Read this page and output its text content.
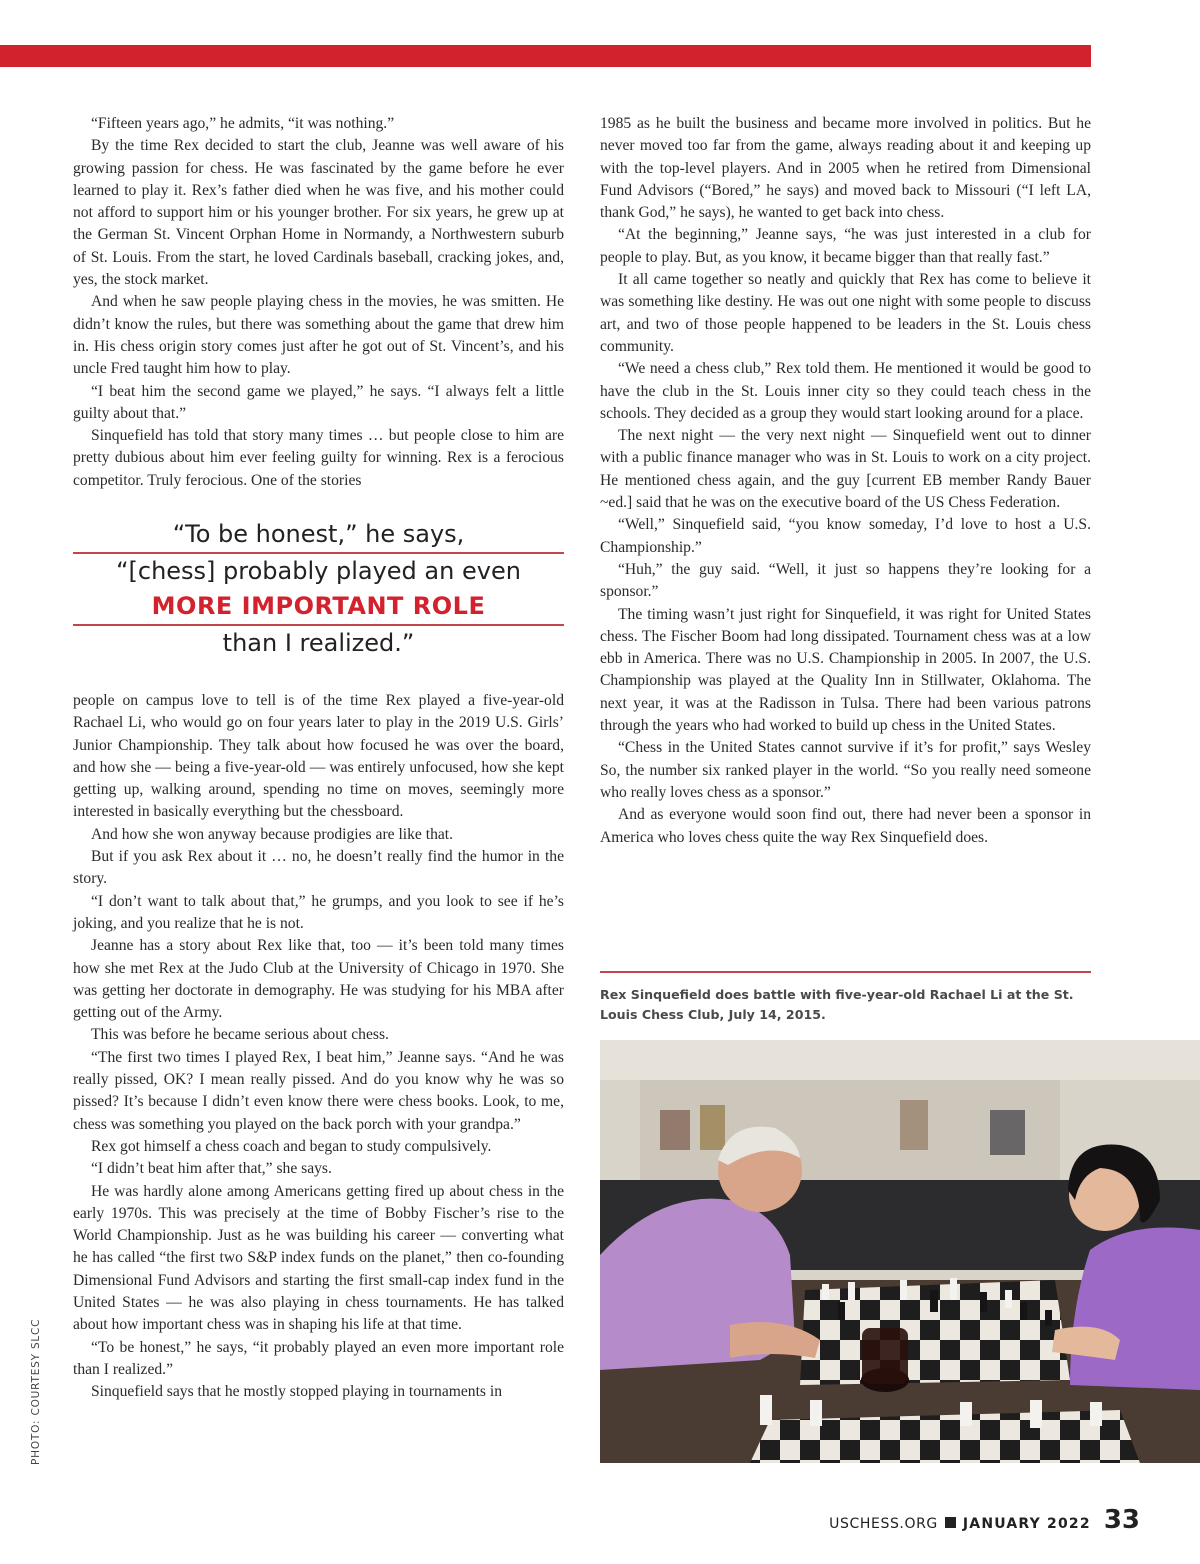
“Fifteen years ago,” he admits, “it was nothing.”

By the time Rex decided to start the club, Jeanne was well aware of his growing passion for chess. He was fascinated by the game before he ever learned to play it. Rex’s father died when he was five, and his mother could not afford to support him or his younger brother. For six years, he grew up at the German St. Vincent Orphan Home in Normandy, a Northwestern suburb of St. Louis. From the start, he loved Cardinals baseball, cracking jokes, and, yes, the stock market.

And when he saw people playing chess in the movies, he was smitten. He didn’t know the rules, but there was something about the game that drew him in. His chess origin story comes just after he got out of St. Vincent’s, and his uncle Fred taught him how to play.

“I beat him the second game we played,” he says. “I always felt a little guilty about that.”

Sinquefield has told that story many times … but people close to him are pretty dubious about him ever feeling guilty for winning. Rex is a ferocious competitor. Truly ferocious. One of the stories

“To be honest,” he says,
“[chess] probably played an even
MORE IMPORTANT ROLE
than I realized.”

people on campus love to tell is of the time Rex played a five-year-old Rachael Li, who would go on four years later to play in the 2019 U.S. Girls’ Junior Championship. They talk about how focused he was over the board, and how she — being a five-year-old — was entirely unfocused, how she kept getting up, walking around, spending no time on moves, seemingly more interested in basically everything but the chessboard.

And how she won anyway because prodigies are like that.

But if you ask Rex about it … no, he doesn’t really find the humor in the story.

“I don’t want to talk about that,” he grumps, and you look to see if he’s joking, and you realize that he is not.

Jeanne has a story about Rex like that, too — it’s been told many times how she met Rex at the Judo Club at the University of Chicago in 1970. She was getting her doctorate in demography. He was studying for his MBA after getting out of the Army.

This was before he became serious about chess.

“The first two times I played Rex, I beat him,” Jeanne says. “And he was really pissed, OK? I mean really pissed. And do you know why he was so pissed? It’s because I didn’t even know there were chess books. Look, to me, chess was something you played on the back porch with your grandpa.”

Rex got himself a chess coach and began to study compulsively.

“I didn’t beat him after that,” she says.

He was hardly alone among Americans getting fired up about chess in the early 1970s. This was precisely at the time of Bobby Fischer’s rise to the World Championship. Just as he was building his career — converting what he has called “the first two S&P index funds on the planet,” then co-founding Dimensional Fund Advisors and starting the first small-cap index fund in the United States — he was also playing in chess tournaments. He has talked about how important chess was in shaping his life at that time.

“To be honest,” he says, “it probably played an even more important role than I realized.”

Sinquefield says that he mostly stopped playing in tournaments in

1985 as he built the business and became more involved in politics. But he never moved too far from the game, always reading about it and keeping up with the top-level players. And in 2005 when he retired from Dimensional Fund Advisors (“Bored,” he says) and moved back to Missouri (“I left LA, thank God,” he says), he wanted to get back into chess.

“At the beginning,” Jeanne says, “he was just interested in a club for people to play. But, as you know, it became bigger than that really fast.”

It all came together so neatly and quickly that Rex has come to believe it was something like destiny. He was out one night with some people to discuss art, and two of those people happened to be leaders in the St. Louis chess community.

“We need a chess club,” Rex told them. He mentioned it would be good to have the club in the St. Louis inner city so they could teach chess in the schools. They decided as a group they would start looking around for a place.

The next night — the very next night — Sinquefield went out to dinner with a public finance manager who was in St. Louis to work on a city project. He mentioned chess again, and the guy [current EB member Randy Bauer ~ed.] said that he was on the executive board of the US Chess Federation.

“Well,” Sinquefield said, “you know someday, I’d love to host a U.S. Championship.”

“Huh,” the guy said. “Well, it just so happens they’re looking for a sponsor.”

The timing wasn’t just right for Sinquefield, it was right for United States chess. The Fischer Boom had long dissipated. Tournament chess was at a low ebb in America. There was no U.S. Championship in 2005. In 2007, the U.S. Championship was played at the Quality Inn in Stillwater, Oklahoma. The next year, it was at the Radisson in Tulsa. There had been various patrons through the years who had worked to build up chess in the United States.

“Chess in the United States cannot survive if it’s for profit,” says Wesley So, the number six ranked player in the world. “So you really need someone who really loves chess as a sponsor.”

And as everyone would soon find out, there had never been a sponsor in America who loves chess quite the way Rex Sinquefield does.

Rex Sinquefield does battle with five-year-old Rachael Li at the St. Louis Chess Club, July 14, 2015.
PHOTO: COURTESY SLCC
USCHESS.ORG JANUARY 2022 33
